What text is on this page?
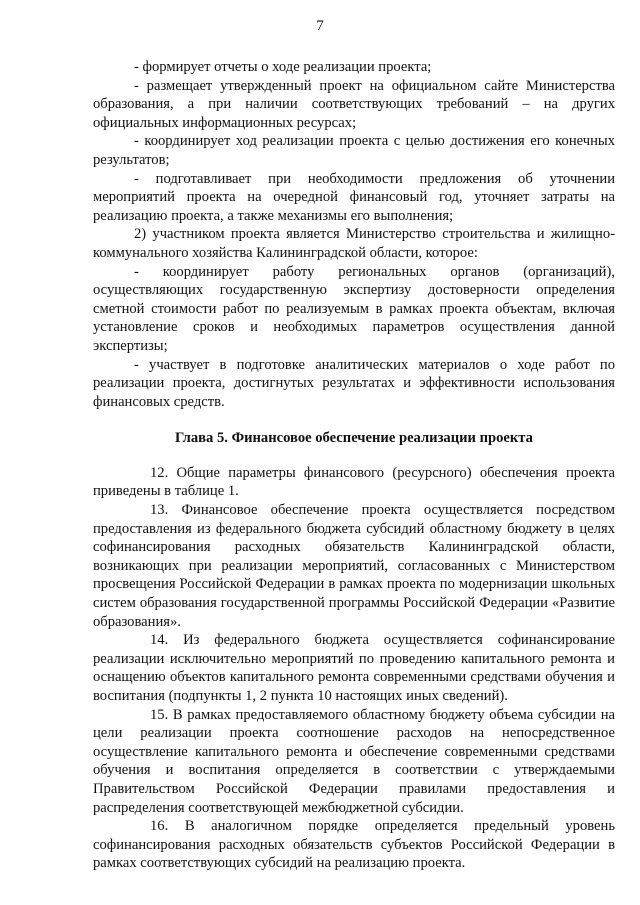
7

- формирует отчеты о ходе реализации проекта;

- размещает утвержденный проект на официальном сайте Министерства образования, а при наличии соответствующих требований – на других официальных информационных ресурсах;

- координирует ход реализации проекта с целью достижения его конечных результатов;

- подготавливает при необходимости предложения об уточнении мероприятий проекта на очередной финансовый год, уточняет затраты на реализацию проекта, а также механизмы его выполнения;

2) участником проекта является Министерство строительства и жилищно-коммунального хозяйства Калининградской области, которое:

- координирует работу региональных органов (организаций), осуществляющих государственную экспертизу достоверности определения сметной стоимости работ по реализуемым в рамках проекта объектам, включая установление сроков и необходимых параметров осуществления данной экспертизы;

- участвует в подготовке аналитических материалов о ходе работ по реализации проекта, достигнутых результатах и эффективности использования финансовых средств.

Глава 5. Финансовое обеспечение реализации проекта

12. Общие параметры финансового (ресурсного) обеспечения проекта приведены в таблице 1.

13. Финансовое обеспечение проекта осуществляется посредством предоставления из федерального бюджета субсидий областному бюджету в целях софинансирования расходных обязательств Калининградской области, возникающих при реализации мероприятий, согласованных с Министерством просвещения Российской Федерации в рамках проекта по модернизации школьных систем образования государственной программы Российской Федерации «Развитие образования».

14. Из федерального бюджета осуществляется софинансирование реализации исключительно мероприятий по проведению капитального ремонта и оснащению объектов капитального ремонта современными средствами обучения и воспитания (подпункты 1, 2 пункта 10 настоящих иных сведений).

15. В рамках предоставляемого областному бюджету объема субсидии на цели реализации проекта соотношение расходов на непосредственное осуществление капитального ремонта и обеспечение современными средствами обучения и воспитания определяется в соответствии с утверждаемыми Правительством Российской Федерации правилами предоставления и распределения соответствующей межбюджетной субсидии.

16. В аналогичном порядке определяется предельный уровень софинансирования расходных обязательств субъектов Российской Федерации в рамках соответствующих субсидий на реализацию проекта.
